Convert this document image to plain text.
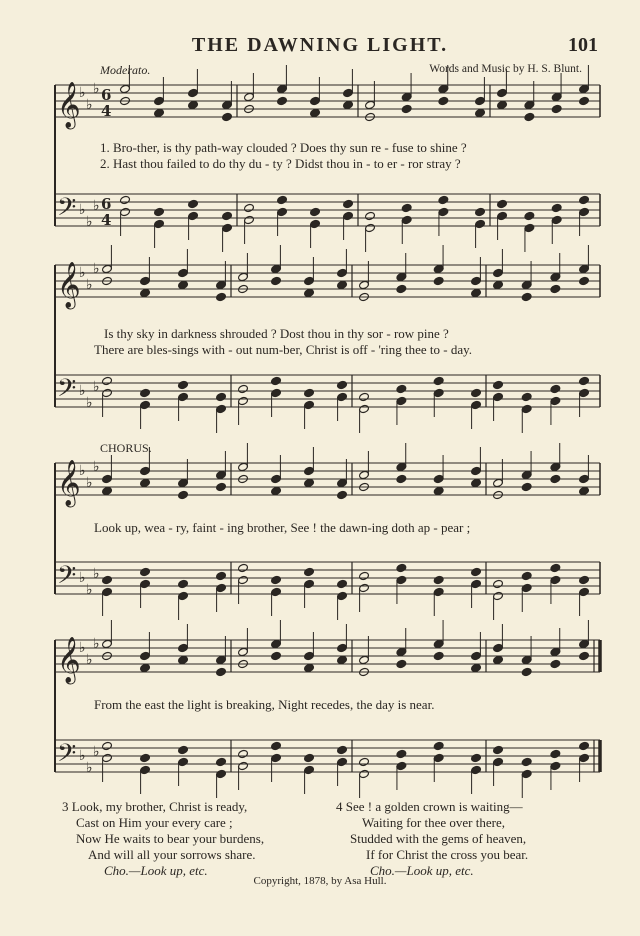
THE DAWNING LIGHT.	101
Moderato.	Words and Music by H. S. Blunt.
𝄞
♭
♭
♭ 6
4
𝄢 ♭
♭
♭ 6
4
𝄞
♭
♭
♭
𝄢 ♭
♭
♭
𝄞
♭
♭
♭
𝄢 ♭
♭
♭
𝄞
♭
♭
♭
𝄢 ♭
♭
♭
1. Bro-ther, is thy path-way clouded ? Does thy sun re - fuse to shine ?
2. Hast thou failed to do thy du - ty ? Didst thou in - to er - ror stray ?
Is thy sky in darkness shrouded ? Dost thou in thy sor - row pine ?
There are bles-sings with - out num-ber, Christ is off - 'ring thee to - day.
CHORUS.
Look up, wea - ry, faint - ing brother, See ! the dawn-ing doth ap - pear ;
From the east the light is breaking, Night recedes, the day is near.
3 Look, my brother, Christ is ready,
Cast on Him your every care ;
Now He waits to bear your burdens,
And will all your sorrows share.
Cho.—Look up, etc.
4 See ! a golden crown is waiting—
Waiting for thee over there,
Studded with the gems of heaven,
If for Christ the cross you bear.
Cho.—Look up, etc.
Copyright, 1878, by Asa Hull.
